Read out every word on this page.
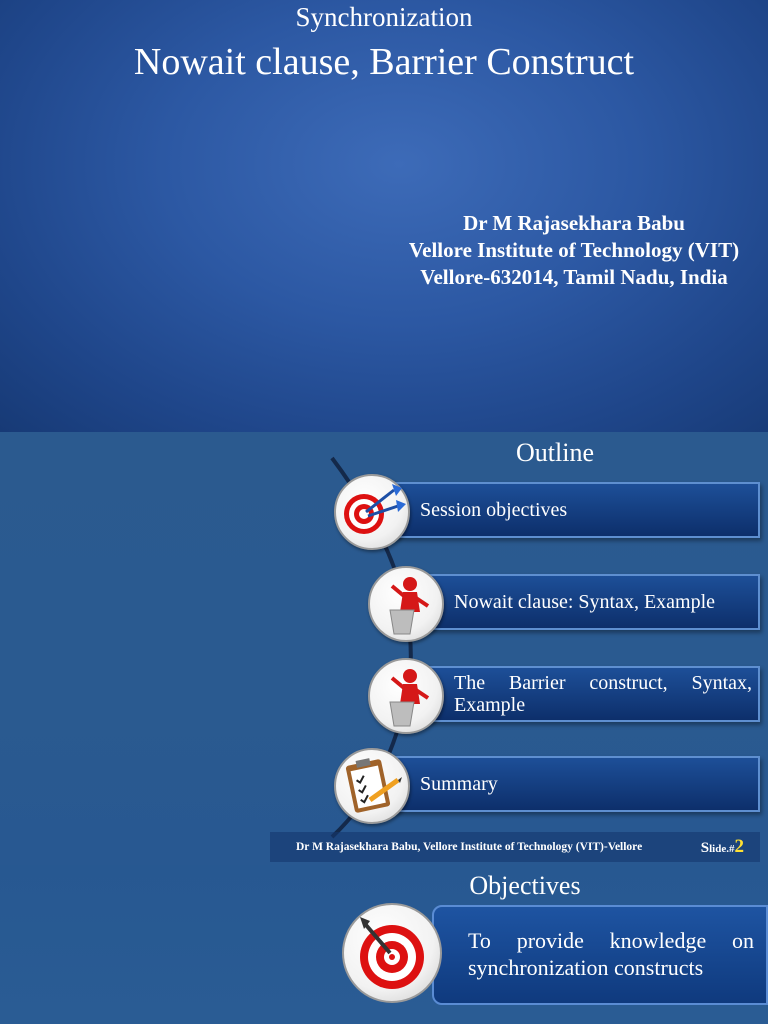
Synchronization
Nowait clause, Barrier Construct
Dr M Rajasekhara Babu
Vellore Institute of Technology (VIT)
Vellore-632014, Tamil Nadu, India
Outline
Session objectives
Nowait clause: Syntax, Example
The Barrier construct, Syntax, Example
Summary
Dr M Rajasekhara Babu, Vellore Institute of Technology (VIT)-Vellore	Slide.#2
Objectives
To provide knowledge on synchronization constructs
